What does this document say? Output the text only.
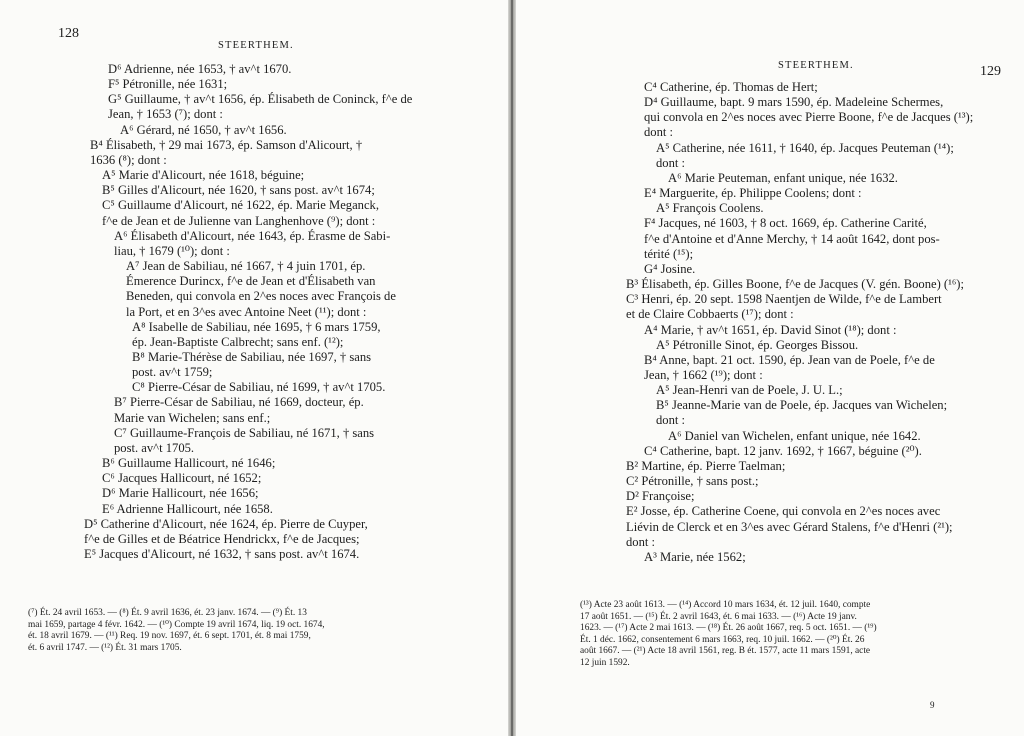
128
STEERTHEM.
D⁶ Adrienne, née 1653, † av^t 1670.
F⁵ Pétronille, née 1631;
G⁵ Guillaume, † av^t 1656, ép. Élisabeth de Coninck, f^e de
Jean, † 1653 (⁷); dont :
A⁶ Gérard, né 1650, † av^t 1656.
B⁴ Élisabeth, † 29 mai 1673, ép. Samson d'Alicourt, †
1636 (⁸); dont :
A⁵ Marie d'Alicourt, née 1618, béguine;
B⁵ Gilles d'Alicourt, née 1620, † sans post. av^t 1674;
C⁵ Guillaume d'Alicourt, né 1622, ép. Marie Meganck,
f^e de Jean et de Julienne van Langhenhove (⁹); dont :
A⁶ Élisabeth d'Alicourt, née 1643, ép. Érasme de Sabi-
liau, † 1679 (¹⁰); dont :
A⁷ Jean de Sabiliau, né 1667, † 4 juin 1701, ép.
Émerence Durincx, f^e de Jean et d'Élisabeth van
Beneden, qui convola en 2^es noces avec François de
la Port, et en 3^es avec Antoine Neet (¹¹); dont :
A⁸ Isabelle de Sabiliau, née 1695, † 6 mars 1759,
ép. Jean-Baptiste Calbrecht; sans enf. (¹²);
B⁸ Marie-Thérèse de Sabiliau, née 1697, † sans
post. av^t 1759;
C⁸ Pierre-César de Sabiliau, né 1699, † av^t 1705.
B⁷ Pierre-César de Sabiliau, né 1669, docteur, ép.
Marie van Wichelen; sans enf.;
C⁷ Guillaume-François de Sabiliau, né 1671, † sans
post. av^t 1705.
B⁶ Guillaume Hallicourt, né 1646;
C⁶ Jacques Hallicourt, né 1652;
D⁶ Marie Hallicourt, née 1656;
E⁶ Adrienne Hallicourt, née 1658.
D⁵ Catherine d'Alicourt, née 1624, ép. Pierre de Cuyper,
f^e de Gilles et de Béatrice Hendrickx, f^e de Jacques;
E⁵ Jacques d'Alicourt, né 1632, † sans post. av^t 1674.
(⁷) Ét. 24 avril 1653. — (⁸) Ét. 9 avril 1636, ét. 23 janv. 1674. — (⁹) Ét. 13
mai 1659, partage 4 févr. 1642. — (¹⁰) Compte 19 avril 1674, liq. 19 oct. 1674,
ét. 18 avril 1679. — (¹¹) Req. 19 nov. 1697, ét. 6 sept. 1701, ét. 8 mai 1759,
ét. 6 avril 1747. — (¹²) Ét. 31 mars 1705.
STEERTHEM.	129
C⁴ Catherine, ép. Thomas de Hert;
D⁴ Guillaume, bapt. 9 mars 1590, ép. Madeleine Schermes,
qui convola en 2^es noces avec Pierre Boone, f^e de Jacques (¹³);
dont :
A⁵ Catherine, née 1611, † 1640, ép. Jacques Peuteman (¹⁴);
dont :
A⁶ Marie Peuteman, enfant unique, née 1632.
E⁴ Marguerite, ép. Philippe Coolens; dont :
A⁵ François Coolens.
F⁴ Jacques, né 1603, † 8 oct. 1669, ép. Catherine Carité,
f^e d'Antoine et d'Anne Merchy, † 14 août 1642, dont pos-
térité (¹⁵);
G⁴ Josine.
B³ Élisabeth, ép. Gilles Boone, f^e de Jacques (V. gén. Boone) (¹⁶);
C³ Henri, ép. 20 sept. 1598 Naentjen de Wilde, f^e de Lambert
et de Claire Cobbaerts (¹⁷); dont :
A⁴ Marie, † av^t 1651, ép. David Sinot (¹⁸); dont :
A⁵ Pétronille Sinot, ép. Georges Bissou.
B⁴ Anne, bapt. 21 oct. 1590, ép. Jean van de Poele, f^e de
Jean, † 1662 (¹⁹); dont :
A⁵ Jean-Henri van de Poele, J. U. L.;
B⁵ Jeanne-Marie van de Poele, ép. Jacques van Wichelen;
dont :
A⁶ Daniel van Wichelen, enfant unique, née 1642.
C⁴ Catherine, bapt. 12 janv. 1692, † 1667, béguine (²⁰).
B² Martine, ép. Pierre Taelman;
C² Pétronille, † sans post.;
D² Françoise;
E² Josse, ép. Catherine Coene, qui convola en 2^es noces avec
Liévin de Clerck et en 3^es avec Gérard Stalens, f^e d'Henri (²¹);
dont :
A³ Marie, née 1562;
(¹³) Acte 23 août 1613. — (¹⁴) Accord 10 mars 1634, ét. 12 juil. 1640, compte
17 août 1651. — (¹⁵) Ét. 2 avril 1643, ét. 6 mai 1633. — (¹⁶) Acte 19 janv.
1623. — (¹⁷) Acte 2 mai 1613. — (¹⁸) Ét. 26 août 1667, req. 5 oct. 1651. — (¹⁹)
Ét. 1 déc. 1662, consentement 6 mars 1663, req. 10 juil. 1662. — (²⁰) Ét. 26
août 1667. — (²¹) Acte 18 avril 1561, reg. B ét. 1577, acte 11 mars 1591, acte
12 juin 1592.
9
